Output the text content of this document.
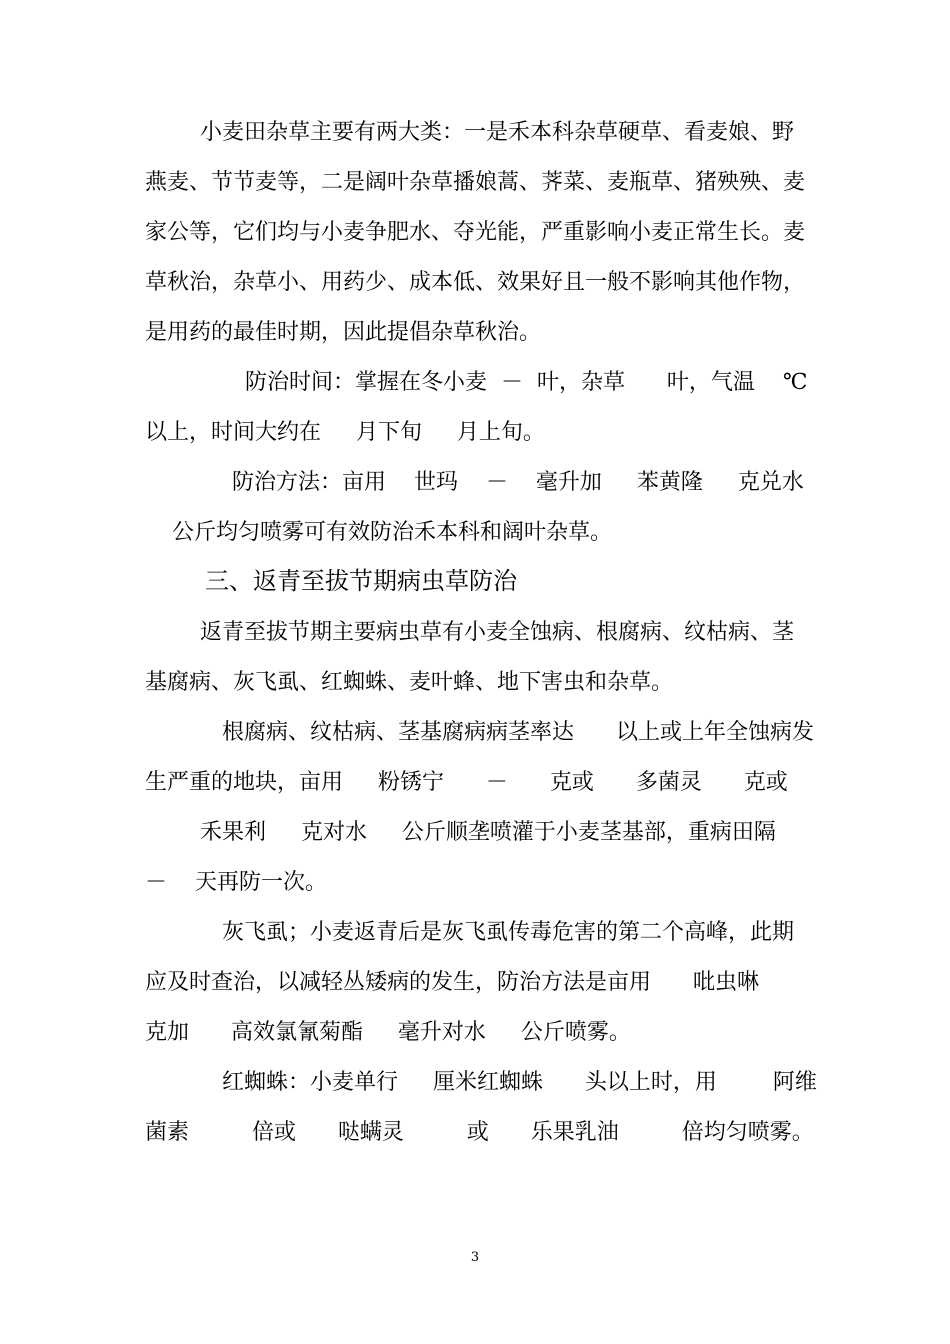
小麦田杂草主要有两大类：一是禾本科杂草硬草、看麦娘、野
燕麦、节节麦等，二是阔叶杂草播娘蒿、荠菜、麦瓶草、猪殃殃、麦
家公等，它们均与小麦争肥水、夺光能，严重影响小麦正常生长。麦
草秋治，杂草小、用药少、成本低、效果好且一般不影响其他作物，
是用药的最佳时期，因此提倡杂草秋治。
防治时间：掌握在冬小麦  －  叶，杂草      叶，气温    ℃
以上，时间大约在     月下旬     月上旬。
防治方法：亩用    世玛    －    毫升加     苯黄隆     克兑水
公斤均匀喷雾可有效防治禾本科和阔叶杂草。
三、返青至拔节期病虫草防治
返青至拔节期主要病虫草有小麦全蚀病、根腐病、纹枯病、茎
基腐病、灰飞虱、红蜘蛛、麦叶蜂、地下害虫和杂草。
根腐病、纹枯病、茎基腐病病茎率达      以上或上年全蚀病发
生严重的地块，亩用     粉锈宁      －      克或      多菌灵      克或
禾果利     克对水     公斤顺垄喷灌于小麦茎基部，重病田隔
－    天再防一次。
灰飞虱；小麦返青后是灰飞虱传毒危害的第二个高峰，此期
应及时查治，以减轻丛矮病的发生，防治方法是亩用      吡虫啉
克加      高效氯氰菊酯     毫升对水     公斤喷雾。
红蜘蛛：小麦单行     厘米红蜘蛛      头以上时，用        阿维
菌素         倍或      哒螨灵         或      乐果乳油         倍均匀喷雾。
3
